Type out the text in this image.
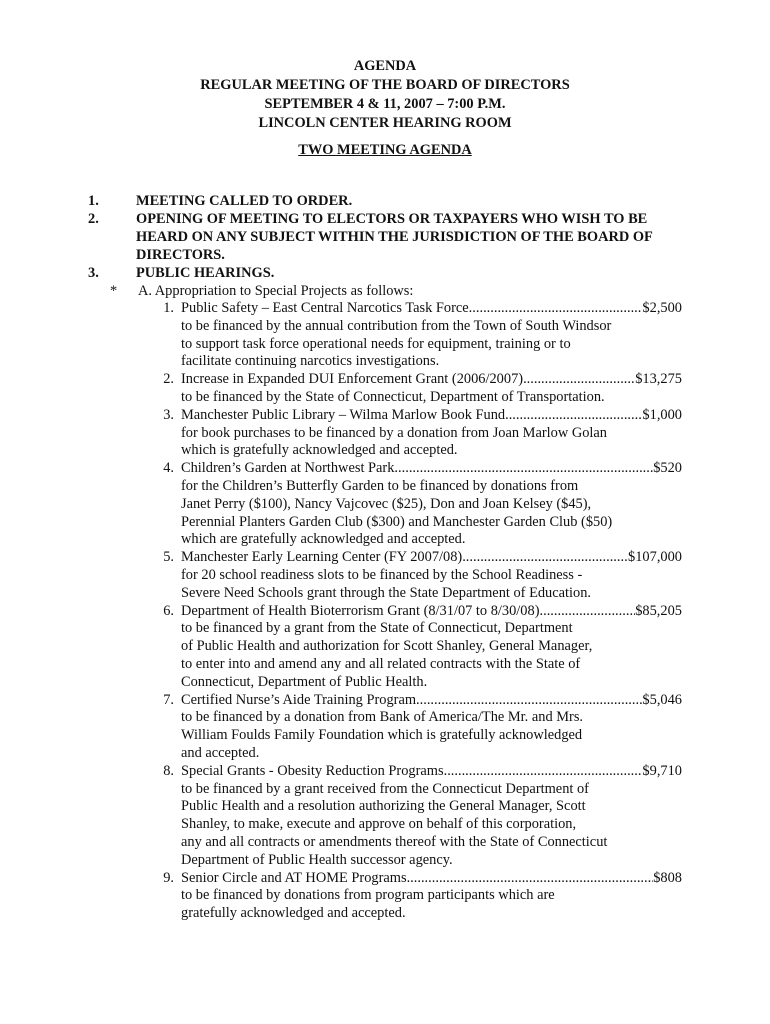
AGENDA
REGULAR MEETING OF THE BOARD OF DIRECTORS
SEPTEMBER 4 & 11, 2007 – 7:00 P.M.
LINCOLN CENTER HEARING ROOM
TWO MEETING AGENDA
1.	MEETING CALLED TO ORDER.
2.	OPENING OF MEETING TO ELECTORS OR TAXPAYERS WHO WISH TO BE HEARD ON ANY SUBJECT WITHIN THE JURISDICTION OF THE BOARD OF DIRECTORS.
3.	PUBLIC HEARINGS.
* A. Appropriation to Special Projects as follows:
1. Public Safety – East Central Narcotics Task Force .....	$2,500
to be financed by the annual contribution from the Town of South Windsor
to support task force operational needs for equipment, training or to
facilitate continuing narcotics investigations.
2. Increase in Expanded DUI Enforcement Grant (2006/2007) .....	$13,275
to be financed by the State of Connecticut, Department of Transportation.
3. Manchester Public Library – Wilma Marlow Book Fund .....	$1,000
for book purchases to be financed by a donation from Joan Marlow Golan
which is gratefully acknowledged and accepted.
4. Children’s Garden at Northwest Park .....	$520
for the Children’s Butterfly Garden to be financed by donations from
Janet Perry ($100), Nancy Vajcovec ($25), Don and Joan Kelsey ($45),
Perennial Planters Garden Club ($300) and Manchester Garden Club ($50)
which are gratefully acknowledged and accepted.
5. Manchester Early Learning Center (FY 2007/08) .....	$107,000
for 20 school readiness slots to be financed by the School Readiness -
Severe Need Schools grant through the State Department of Education.
6. Department of Health Bioterrorism Grant (8/31/07 to 8/30/08) .....	$85,205
to be financed by a grant from the State of Connecticut, Department
of Public Health and authorization for Scott Shanley, General Manager,
to enter into and amend any and all related contracts with the State of
Connecticut, Department of Public Health.
7. Certified Nurse’s Aide Training Program .....	$5,046
to be financed by a donation from Bank of America/The Mr. and Mrs.
William Foulds Family Foundation which is gratefully acknowledged
and accepted.
8. Special Grants - Obesity Reduction Programs .....	$9,710
to be financed by a grant received from the Connecticut Department of
Public Health and a resolution authorizing the General Manager, Scott
Shanley, to make, execute and approve on behalf of this corporation,
any and all contracts or amendments thereof with the State of Connecticut
Department of Public Health successor agency.
9. Senior Circle and AT HOME Programs .....	$808
to be financed by donations from program participants which are
gratefully acknowledged and accepted.
